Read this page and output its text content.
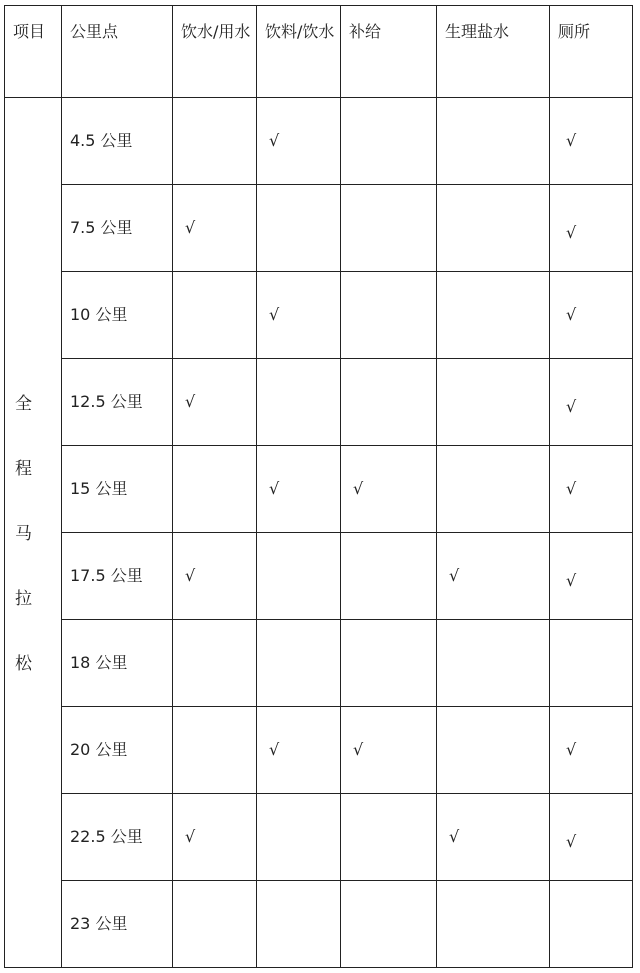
项目	公里点	饮水/用水	饮料/饮水	补给	生理盐水	厕所

全
程
马
拉
松	4.5 公里		√			√
	7.5 公里	√				√
	10 公里		√			√
	12.5 公里	√				√
	15 公里		√	√		√
	17.5 公里	√			√	√
	18 公里					
	20 公里		√	√		√
	22.5 公里	√			√	√
	23 公里					
